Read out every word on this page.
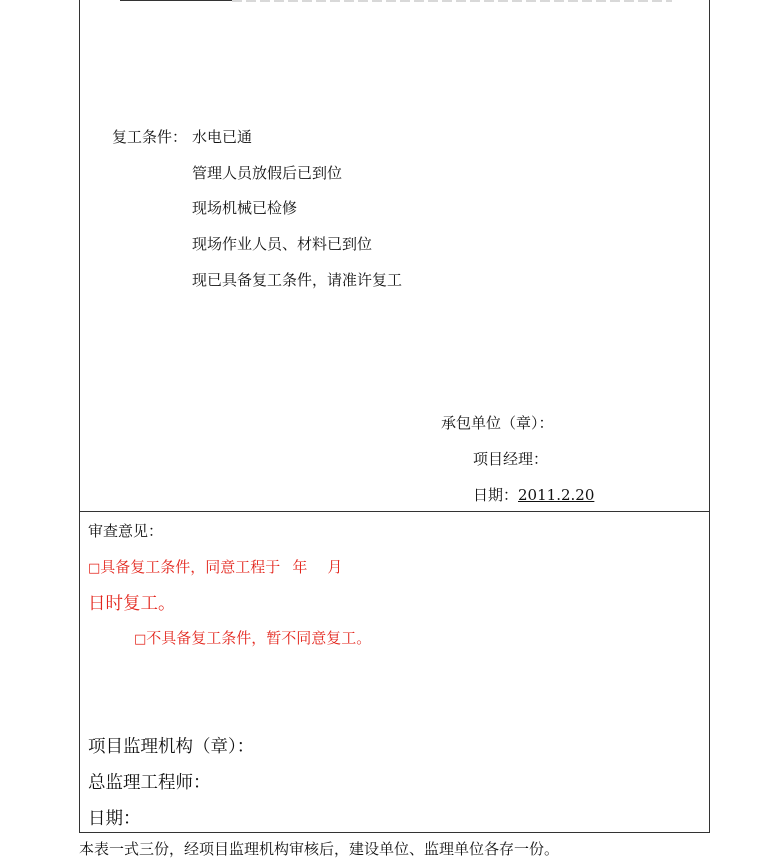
复工条件： 水电已通
管理人员放假后已到位
现场机械已检修
现场作业人员、材料已到位
现已具备复工条件，请准许复工
承包单位（章）：
项目经理：
日期：2011.2.20
审查意见：
□具备复工条件，同意工程于 年 月
日时复工。
□不具备复工条件，暂不同意复工。
项目监理机构（章）：
总监理工程师：
日期：
本表一式三份，经项目监理机构审核后，建设单位、监理单位各存一份。
